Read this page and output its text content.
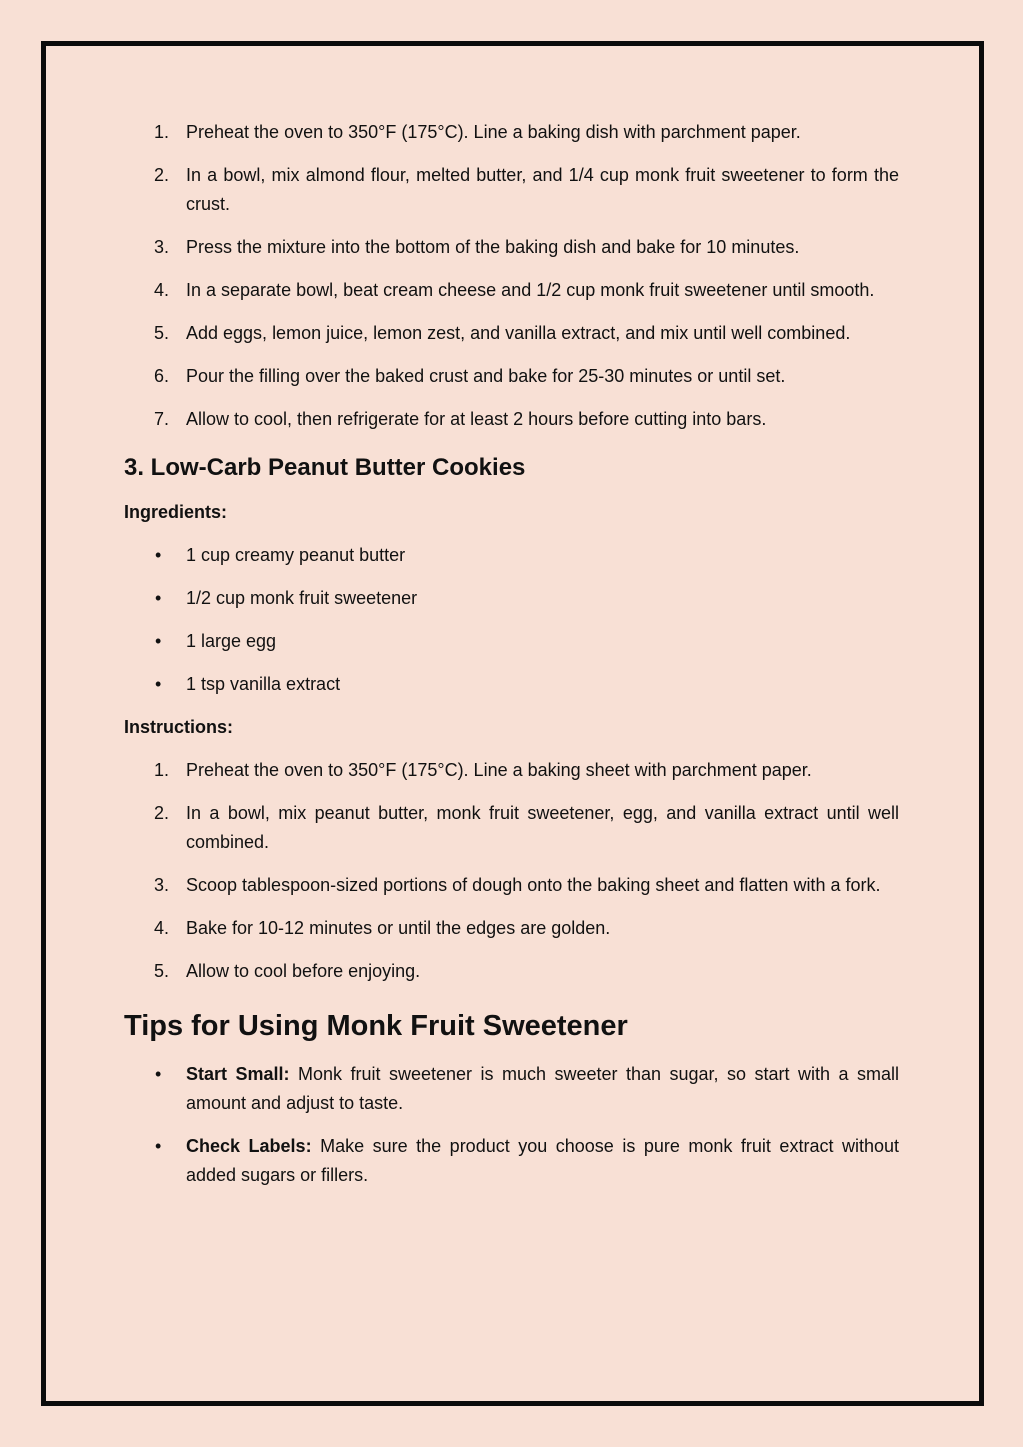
1. Preheat the oven to 350°F (175°C). Line a baking dish with parchment paper.
2. In a bowl, mix almond flour, melted butter, and 1/4 cup monk fruit sweetener to form the crust.
3. Press the mixture into the bottom of the baking dish and bake for 10 minutes.
4. In a separate bowl, beat cream cheese and 1/2 cup monk fruit sweetener until smooth.
5. Add eggs, lemon juice, lemon zest, and vanilla extract, and mix until well combined.
6. Pour the filling over the baked crust and bake for 25-30 minutes or until set.
7. Allow to cool, then refrigerate for at least 2 hours before cutting into bars.
3. Low-Carb Peanut Butter Cookies
Ingredients:
• 1 cup creamy peanut butter
• 1/2 cup monk fruit sweetener
• 1 large egg
• 1 tsp vanilla extract
Instructions:
1. Preheat the oven to 350°F (175°C). Line a baking sheet with parchment paper.
2. In a bowl, mix peanut butter, monk fruit sweetener, egg, and vanilla extract until well combined.
3. Scoop tablespoon-sized portions of dough onto the baking sheet and flatten with a fork.
4. Bake for 10-12 minutes or until the edges are golden.
5. Allow to cool before enjoying.
Tips for Using Monk Fruit Sweetener
• Start Small: Monk fruit sweetener is much sweeter than sugar, so start with a small amount and adjust to taste.
• Check Labels: Make sure the product you choose is pure monk fruit extract without added sugars or fillers.
